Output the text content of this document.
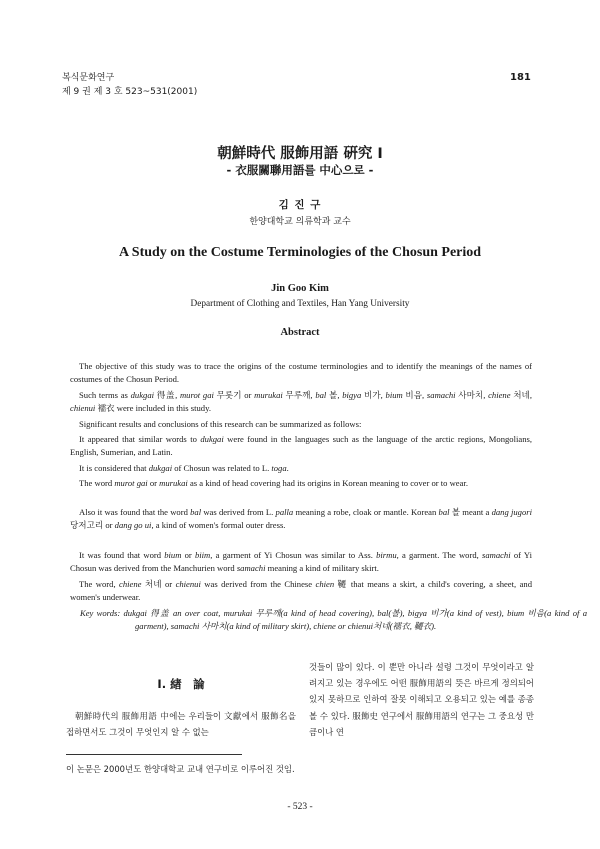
복식문화연구
제 9 권 제 3 호 523~531(2001)
181
朝鮮時代 服飾用語 硏究 Ⅰ
- 衣服關聯用語를 中心으로 -
김 진 구
한양대학교 의류학과 교수
A Study on the Costume Terminologies of the Chosun Period
Jin Goo Kim
Department of Clothing and Textiles, Han Yang University
Abstract
The objective of this study was to trace the origins of the costume terminologies and to identify the meanings of the names of costumes of the Chosun Period.
Such terms as dukgai 得盖, murot gai 무롯기 or murukai 무루깨, bal 볼, bigya 비가, bium 비음, samachi 사마치, chiene 처네, chienui 襦衣 were included in this study.
Significant results and conclusions of this research can be summarized as follows:
It appeared that similar words to dukgai were found in the languages such as the language of the arctic regions, Mongolians, English, Sumerian, and Latin.
It is considered that dukgai of Chosun was related to L. toga.
The word murot gai or murukai as a kind of head covering had its origins in Korean meaning to cover or to wear.
Also it was found that the word bal was derived from L. palla meaning a robe, cloak or mantle. Korean bal 볼 meant a dang jugori 당저고리 or dang go ui, a kind of women's formal outer dress.
It was found that word bium or biim, a garment of Yi Chosun was similar to Ass. birmu, a garment. The word, samachi of Yi Chosun was derived from the Manchurien word samachi meaning a kind of military skirt.
The word, chiene 처네 or chienui was derived from the Chinese chien 韆 that means a skirt, a child's covering, a sheet, and women's underwear.
Key words: dukgai 得盖 an over coat, murukai 무루깨(a kind of head covering), bal(볼), bigya 비가(a kind of vest), bium 비음(a kind of a garment), samachi 사마치(a kind of military skirt), chiene or chienui처네(襦衣, 韆衣).
Ⅰ. 緖　論
朝鮮時代의 服飾用語 中에는 우리들이 文獻에서 服飾名을 접하면서도 그것이 무엇인지 알 수 없는
것들이 많이 있다. 이 뿐만 아니라 설령 그것이 무엇이라고 알려지고 있는 경우에도 어떤 服飾用語의 뜻은 바르게 정의되어 있지 못하므로 인하여 잘못 이해되고 오용되고 있는 예를 종종 볼 수 있다. 服飾史 연구에서 服飾用語의 연구는 그 중요성 만큼이나 연
이 논문은 2000년도 한양대학교 교내 연구비로 이루어진 것임.
- 523 -
